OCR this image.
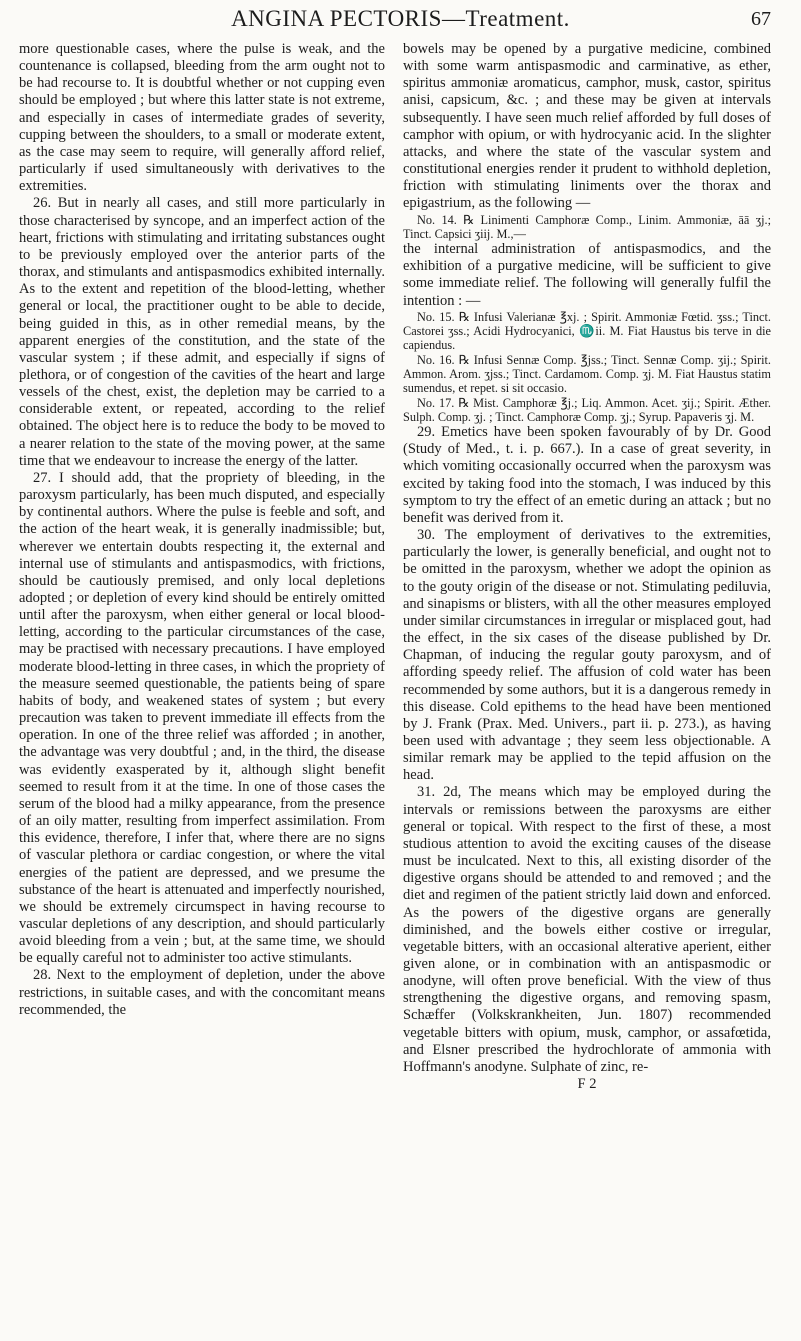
ANGINA PECTORIS—Treatment.	67

more questionable cases, where the pulse is weak, and the countenance is collapsed, bleeding from the arm ought not to be had recourse to. It is doubtful whether or not cupping even should be employed ; but where this latter state is not extreme, and especially in cases of intermediate grades of severity, cupping between the shoulders, to a small or moderate extent, as the case may seem to require, will generally afford relief, particularly if used simultaneously with derivatives to the extremities.

26. But in nearly all cases, and still more particularly in those characterised by syncope, and an imperfect action of the heart, frictions with stimulating and irritating substances ought to be previously employed over the anterior parts of the thorax, and stimulants and antispasmodics exhibited internally. As to the extent and repetition of the blood-letting, whether general or local, the practitioner ought to be able to decide, being guided in this, as in other remedial means, by the apparent energies of the constitution, and the state of the vascular system ; if these admit, and especially if signs of plethora, or of congestion of the cavities of the heart and large vessels of the chest, exist, the depletion may be carried to a considerable extent, or repeated, according to the relief obtained. The object here is to reduce the body to be moved to a nearer relation to the state of the moving power, at the same time that we endeavour to increase the energy of the latter.

27. I should add, that the propriety of bleeding, in the paroxysm particularly, has been much disputed, and especially by continental authors. Where the pulse is feeble and soft, and the action of the heart weak, it is generally inadmissible; but, wherever we entertain doubts respecting it, the external and internal use of stimulants and antispasmodics, with frictions, should be cautiously premised, and only local depletions adopted ; or depletion of every kind should be entirely omitted until after the paroxysm, when either general or local blood-letting, according to the particular circumstances of the case, may be practised with necessary precautions. I have employed moderate blood-letting in three cases, in which the propriety of the measure seemed questionable, the patients being of spare habits of body, and weakened states of system ; but every precaution was taken to prevent immediate ill effects from the operation. In one of the three relief was afforded ; in another, the advantage was very doubtful ; and, in the third, the disease was evidently exasperated by it, although slight benefit seemed to result from it at the time. In one of those cases the serum of the blood had a milky appearance, from the presence of an oily matter, resulting from imperfect assimilation. From this evidence, therefore, I infer that, where there are no signs of vascular plethora or cardiac congestion, or where the vital energies of the patient are depressed, and we presume the substance of the heart is attenuated and imperfectly nourished, we should be extremely circumspect in having recourse to vascular depletions of any description, and should particularly avoid bleeding from a vein ; but, at the same time, we should be equally careful not to administer too active stimulants.

28. Next to the employment of depletion, under the above restrictions, in suitable cases, and with the concomitant means recommended, the

bowels may be opened by a purgative medicine, combined with some warm antispasmodic and carminative, as ether, spiritus ammoniæ aromaticus, camphor, musk, castor, spiritus anisi, capsicum, &c. ; and these may be given at intervals subsequently. I have seen much relief afforded by full doses of camphor with opium, or with hydrocyanic acid. In the slighter attacks, and where the state of the vascular system and constitutional energies render it prudent to withhold depletion, friction with stimulating liniments over the thorax and epigastrium, as the following —

No. 14. ℞ Linimenti Camphoræ Comp., Linim. Ammoniæ, āā ʒj.; Tinct. Capsici ʒiij. M.,—

the internal administration of antispasmodics, and the exhibition of a purgative medicine, will be sufficient to give some immediate relief. The following will generally fulfil the intention : —

No. 15. ℞ Infusi Valerianæ ℥xj. ; Spirit. Ammoniæ Fœtid. ʒss.; Tinct. Castorei ʒss.; Acidi Hydrocyanici, ♏ii. M. Fiat Haustus bis terve in die capiendus.

No. 16. ℞ Infusi Sennæ Comp. ℥jss.; Tinct. Sennæ Comp. ʒij.; Spirit. Ammon. Arom. ʒjss.; Tinct. Cardamom. Comp. ʒj. M. Fiat Haustus statim sumendus, et repet. si sit occasio.

No. 17. ℞ Mist. Camphoræ ℥j.; Liq. Ammon. Acet. ʒij.; Spirit. Æther. Sulph. Comp. ʒj. ; Tinct. Camphoræ Comp. ʒj.; Syrup. Papaveris ʒj. M.

29. Emetics have been spoken favourably of by Dr. Good (Study of Med., t. i. p. 667.). In a case of great severity, in which vomiting occasionally occurred when the paroxysm was excited by taking food into the stomach, I was induced by this symptom to try the effect of an emetic during an attack ; but no benefit was derived from it.

30. The employment of derivatives to the extremities, particularly the lower, is generally beneficial, and ought not to be omitted in the paroxysm, whether we adopt the opinion as to the gouty origin of the disease or not. Stimulating pediluvia, and sinapisms or blisters, with all the other measures employed under similar circumstances in irregular or misplaced gout, had the effect, in the six cases of the disease published by Dr. Chapman, of inducing the regular gouty paroxysm, and of affording speedy relief. The affusion of cold water has been recommended by some authors, but it is a dangerous remedy in this disease. Cold epithems to the head have been mentioned by J. Frank (Prax. Med. Univers., part ii. p. 273.), as having been used with advantage ; they seem less objectionable. A similar remark may be applied to the tepid affusion on the head.

31. 2d, The means which may be employed during the intervals or remissions between the paroxysms are either general or topical. With respect to the first of these, a most studious attention to avoid the exciting causes of the disease must be inculcated. Next to this, all existing disorder of the digestive organs should be attended to and removed ; and the diet and regimen of the patient strictly laid down and enforced. As the powers of the digestive organs are generally diminished, and the bowels either costive or irregular, vegetable bitters, with an occasional alterative aperient, either given alone, or in combination with an antispasmodic or anodyne, will often prove beneficial. With the view of thus strengthening the digestive organs, and removing spasm, Schæffer (Volkskrankheiten, Jun. 1807) recommended vegetable bitters with opium, musk, camphor, or assafœtida, and Elsner prescribed the hydrochlorate of ammonia with Hoffmann's anodyne. Sulphate of zinc, re-

F 2
